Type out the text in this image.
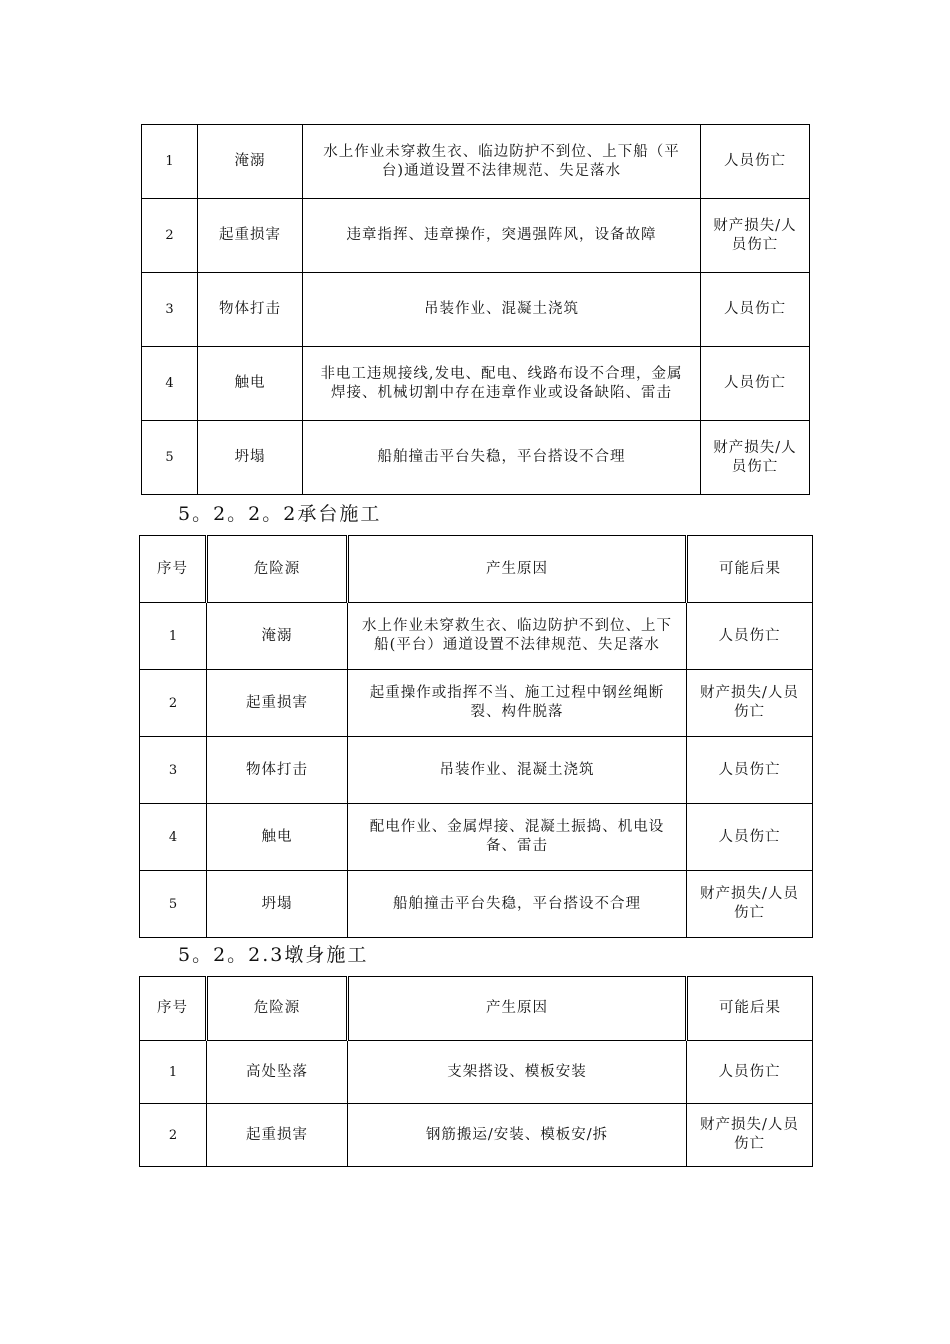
1	淹溺	水上作业未穿救生衣、临边防护不到位、上下船（平台)通道设置不法律规范、失足落水	人员伤亡
2	起重损害	违章指挥、违章操作，突遇强阵风，设备故障	财产损失/人员伤亡
3	物体打击	吊装作业、混凝土浇筑	人员伤亡
4	触电	非电工违规接线,发电、配电、线路布设不合理，金属焊接、机械切割中存在违章作业或设备缺陷、雷击	人员伤亡
5	坍塌	船舶撞击平台失稳，平台搭设不合理	财产损失/人员伤亡
5。2。2。2承台施工
序号	危险源	产生原因	可能后果
1	淹溺	水上作业未穿救生衣、临边防护不到位、上下船(平台）通道设置不法律规范、失足落水	人员伤亡
2	起重损害	起重操作或指挥不当、施工过程中钢丝绳断裂、构件脱落	财产损失/人员伤亡
3	物体打击	吊装作业、混凝土浇筑	人员伤亡
4	触电	配电作业、金属焊接、混凝土振捣、机电设备、雷击	人员伤亡
5	坍塌	船舶撞击平台失稳，平台搭设不合理	财产损失/人员伤亡
5。2。2.3墩身施工
序号	危险源	产生原因	可能后果
1	高处坠落	支架搭设、模板安装	人员伤亡
2	起重损害	钢筋搬运/安装、模板安/拆	财产损失/人员伤亡
